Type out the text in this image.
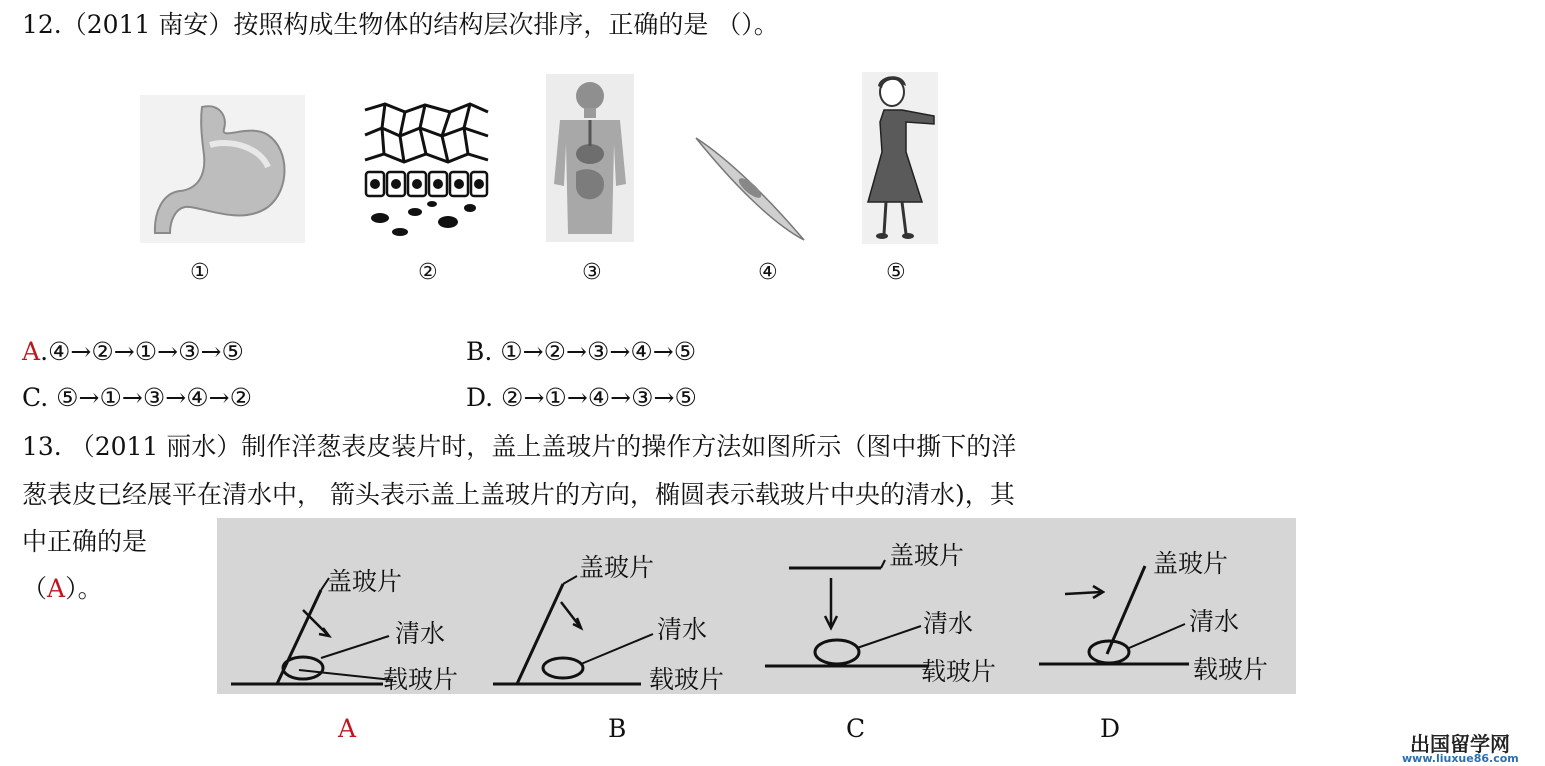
12.（2011 南安）按照构成生物体的结构层次排序，正确的是 （）。
①	②	③	④	⑤
A.④→②→①→③→⑤	B. ①→②→③→④→⑤
C. ⑤→①→③→④→②	D. ②→①→④→③→⑤
13. （2011 丽水）制作洋葱表皮装片时，盖上盖玻片的操作方法如图所示（图中撕下的洋
葱表皮已经展平在清水中， 箭头表示盖上盖玻片的方向，椭圆表示载玻片中央的清水)，其
中正确的是
（A）。	盖玻片
清水
载玻片
盖玻片
清水
载玻片
盖玻片
清水
载玻片
盖玻片
清水
载玻片
A	B	C	D
出国留学网
www.liuxue86.com
